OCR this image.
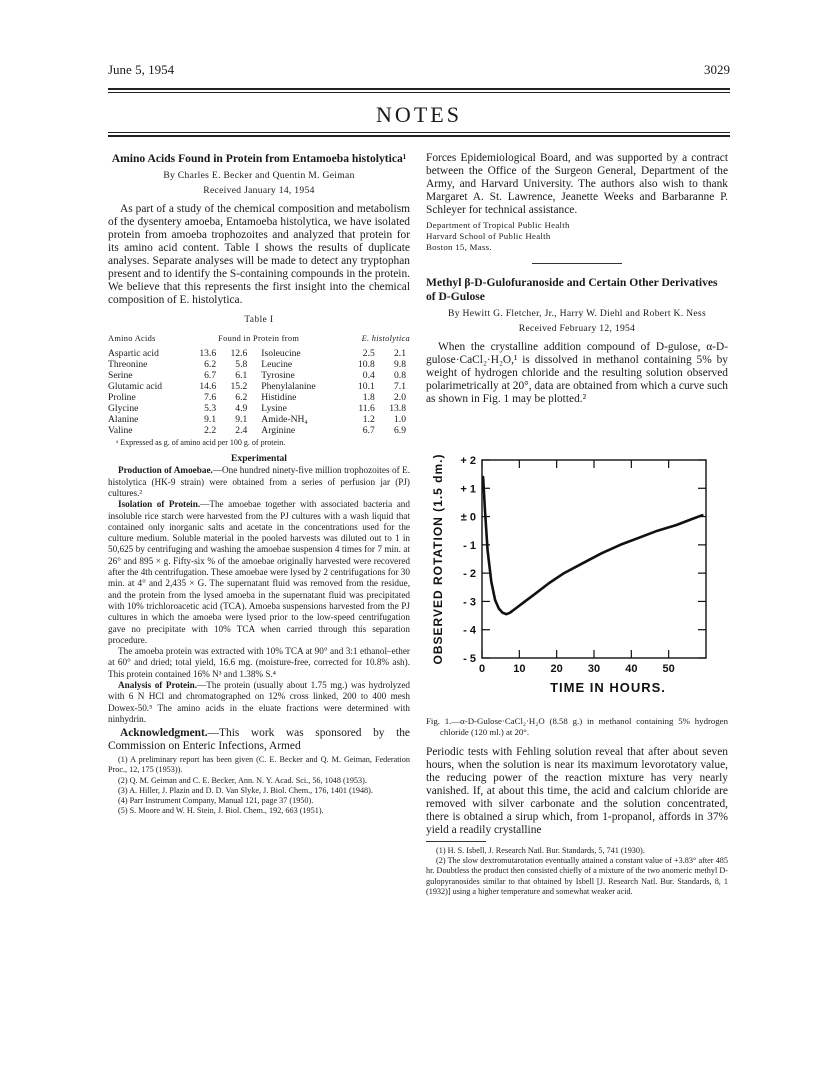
June 5, 1954	3029
NOTES
Amino Acids Found in Protein from Entamoeba histolytica¹
By Charles E. Becker and Quentin M. Geiman
Received January 14, 1954

As part of a study of the chemical composition and metabolism of the dysentery amoeba, Entamoeba histolytica, we have isolated protein from amoeba trophozoites and analyzed that protein for its amino acid content. Table I shows the results of duplicate analyses. Separate analyses will be made to detect any tryptophan present and to identify the S-containing compounds in the protein. We believe that this represents the first insight into the chemical composition of E. histolytica.

Table I
Amino Acids	Found in Protein from	E. histolytica
Aspartic acid	13.6	12.6	Isoleucine	2.5	2.1
Threonine	6.2	5.8	Leucine	10.8	9.8
Serine	6.7	6.1	Tyrosine	0.4	0.8
Glutamic acid	14.6	15.2	Phenylalanine	10.1	7.1
Proline	7.6	6.2	Histidine	1.8	2.0
Glycine	5.3	4.9	Lysine	11.6	13.8
Alanine	9.1	9.1	Amide-NH₄	1.2	1.0
Valine	2.2	2.4	Arginine	6.7	6.9
ᵃ Expressed as g. of amino acid per 100 g. of protein.
Experimental

Production of Amoebae.—One hundred ninety-five million trophozoites of E. histolytica (HK-9 strain) were obtained from a series of perfusion jar (PJ) cultures.²

Isolation of Protein.—The amoebae together with associated bacteria and insoluble rice starch were harvested from the PJ cultures with a wash liquid that contained only inorganic salts and acetate in the concentrations used for the culture medium. Soluble material in the pooled harvests was diluted out to 1 in 50,625 by centrifuging and washing the amoebae suspension 4 times for 7 min. at 26° and 895 × g. Fifty-six % of the amoebae originally harvested were recovered after the 4th centrifugation. These amoebae were lysed by 2 centrifugations for 30 min. at 4° and 2,435 × G. The supernatant fluid was removed from the residue, and the protein from the lysed amoeba in the supernatant fluid was precipitated with 10% trichloroacetic acid (TCA). Amoeba suspensions harvested from the PJ cultures in which the amoeba were lysed prior to the low-speed centrifugation gave no precipitate with 10% TCA when carried through this separation procedure.

The amoeba protein was extracted with 10% TCA at 90° and 3:1 ethanol–ether at 60° and dried; total yield, 16.6 mg. (moisture-free, corrected for 10.8% ash). This protein contained 16% N³ and 1.38% S.⁴

Analysis of Protein.—The protein (usually about 1.75 mg.) was hydrolyzed with 6 N HCl and chromatographed on 12% cross linked, 200 to 400 mesh Dowex-50.⁵ The amino acids in the eluate fractions were determined with ninhydrin.

Acknowledgment.—This work was sponsored by the Commission on Enteric Infections, Armed

(1) A preliminary report has been given (C. E. Becker and Q. M. Geiman, Federation Proc., 12, 175 (1953)).
(2) Q. M. Geiman and C. E. Becker, Ann. N. Y. Acad. Sci., 56, 1048 (1953).
(3) A. Hiller, J. Plazin and D. D. Van Slyke, J. Biol. Chem., 176, 1401 (1948).
(4) Parr Instrument Company, Manual 121, page 37 (1950).
(5) S. Moore and W. H. Stein, J. Biol. Chem., 192, 663 (1951).

Forces Epidemiological Board, and was supported by a contract between the Office of the Surgeon General, Department of the Army, and Harvard University. The authors also wish to thank Margaret A. St. Lawrence, Jeanette Weeks and Barbaranne P. Schleyer for technical assistance.

Department of Tropical Public Health
Harvard School of Public Health
Boston 15, Mass.
Methyl β-D-Gulofuranoside and Certain Other Derivatives of D-Gulose
By Hewitt G. Fletcher, Jr., Harry W. Diehl and Robert K. Ness
Received February 12, 1954

When the crystalline addition compound of D-gulose, α-D-gulose·CaCl₂·H₂O,¹ is dissolved in methanol containing 5% by weight of hydrogen chloride and the resulting solution observed polarimetrically at 20°, data are obtained from which a curve such as shown in Fig. 1 may be plotted.²

+ 2
+ 1
± 0
- 1
- 2
- 3
- 4
- 5
0	10 20 30 40 50
TIME IN HOURS.
OBSERVED ROTATION (1.5 dm.)
Fig. 1.—α-D-Gulose·CaCl₂·H₂O (8.58 g.) in methanol containing 5% hydrogen chloride (120 ml.) at 20°.

Periodic tests with Fehling solution reveal that after about seven hours, when the solution is near its maximum levorotatory value, the reducing power of the reaction mixture has very nearly vanished. If, at about this time, the acid and calcium chloride are removed with silver carbonate and the solution concentrated, there is obtained a sirup which, from 1-propanol, affords in 37% yield a readily crystalline

(1) H. S. Isbell, J. Research Natl. Bur. Standards, 5, 741 (1930).
(2) The slow dextromutarotation eventually attained a constant value of +3.83° after 485 hr. Doubtless the product then consisted chiefly of a mixture of the two anomeric methyl D-gulopyranosides similar to that obtained by Isbell [J. Research Natl. Bur. Standards, 8, 1 (1932)] using a higher temperature and somewhat weaker acid.
